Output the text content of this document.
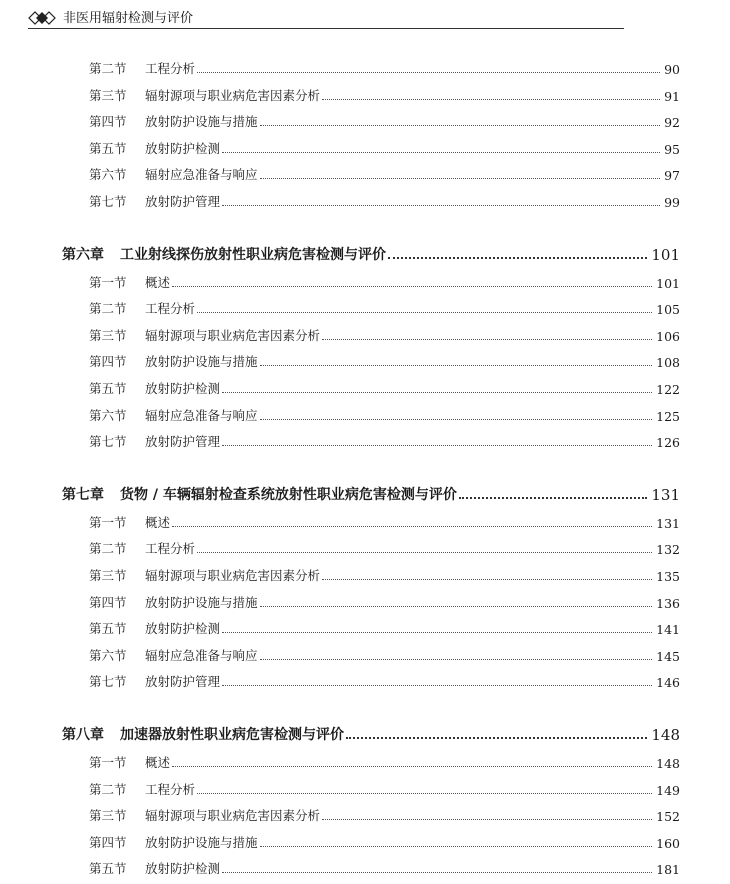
非医用辐射检测与评价
第二节	工程分析	90
第三节	辐射源项与职业病危害因素分析	91
第四节	放射防护设施与措施	92
第五节	放射防护检测	95
第六节	辐射应急准备与响应	97
第七节	放射防护管理	99
第六章	工业射线探伤放射性职业病危害检测与评价	101
第一节	概述	101
第二节	工程分析	105
第三节	辐射源项与职业病危害因素分析	106
第四节	放射防护设施与措施	108
第五节	放射防护检测	122
第六节	辐射应急准备与响应	125
第七节	放射防护管理	126
第七章	货物 / 车辆辐射检查系统放射性职业病危害检测与评价	131
第一节	概述	131
第二节	工程分析	132
第三节	辐射源项与职业病危害因素分析	135
第四节	放射防护设施与措施	136
第五节	放射防护检测	141
第六节	辐射应急准备与响应	145
第七节	放射防护管理	146
第八章	加速器放射性职业病危害检测与评价	148
第一节	概述	148
第二节	工程分析	149
第三节	辐射源项与职业病危害因素分析	152
第四节	放射防护设施与措施	160
第五节	放射防护检测	181
